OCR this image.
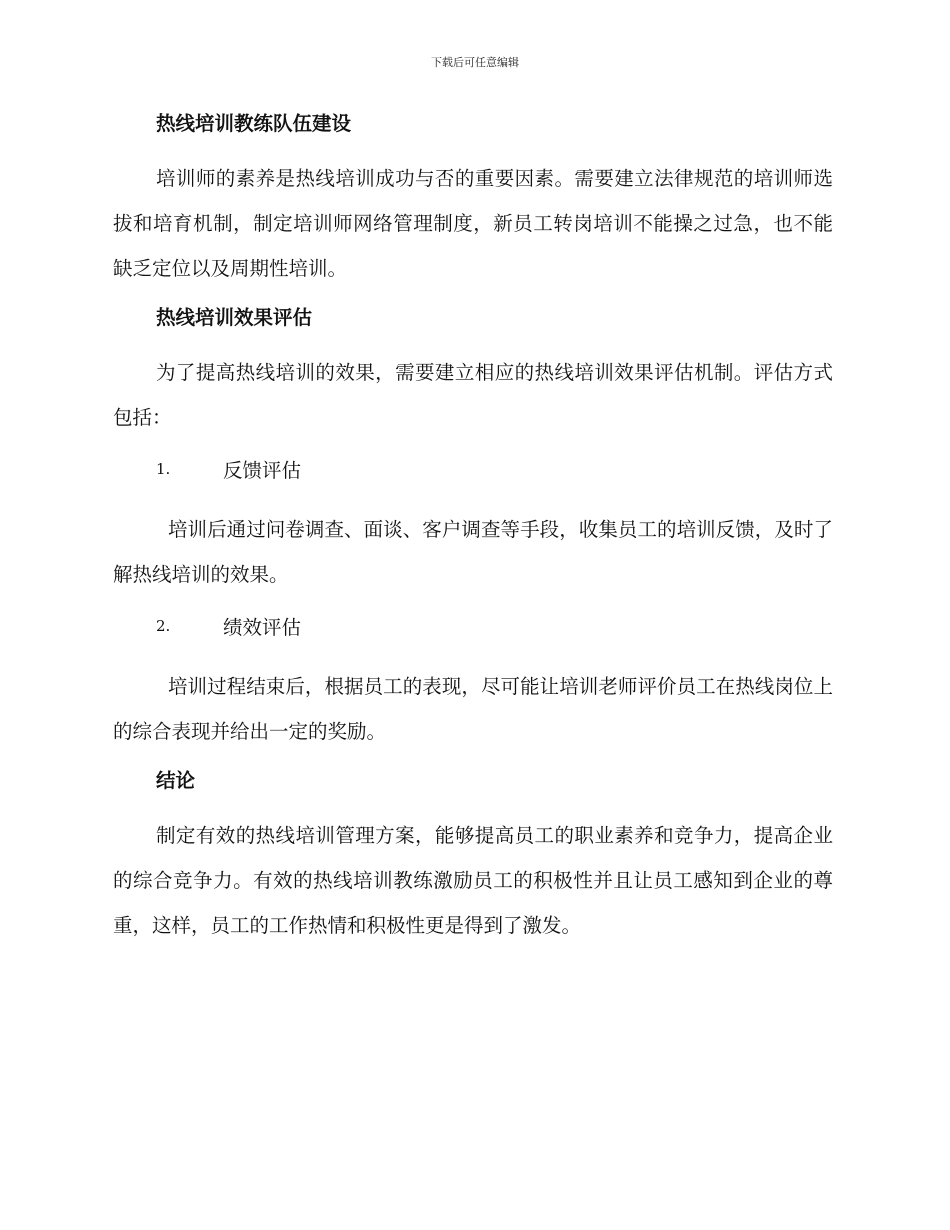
下载后可任意编辑
热线培训教练队伍建设

培训师的素养是热线培训成功与否的重要因素。需要建立法律规范的培训师选拔和培育机制，制定培训师网络管理制度，新员工转岗培训不能操之过急，也不能缺乏定位以及周期性培训。

热线培训效果评估

为了提高热线培训的效果，需要建立相应的热线培训效果评估机制。评估方式包括：

1.	反馈评估

培训后通过问卷调查、面谈、客户调查等手段，收集员工的培训反馈，及时了解热线培训的效果。

2.	绩效评估

培训过程结束后，根据员工的表现，尽可能让培训老师评价员工在热线岗位上的综合表现并给出一定的奖励。

结论

制定有效的热线培训管理方案，能够提高员工的职业素养和竞争力，提高企业的综合竞争力。有效的热线培训教练激励员工的积极性并且让员工感知到企业的尊重，这样，员工的工作热情和积极性更是得到了激发。
